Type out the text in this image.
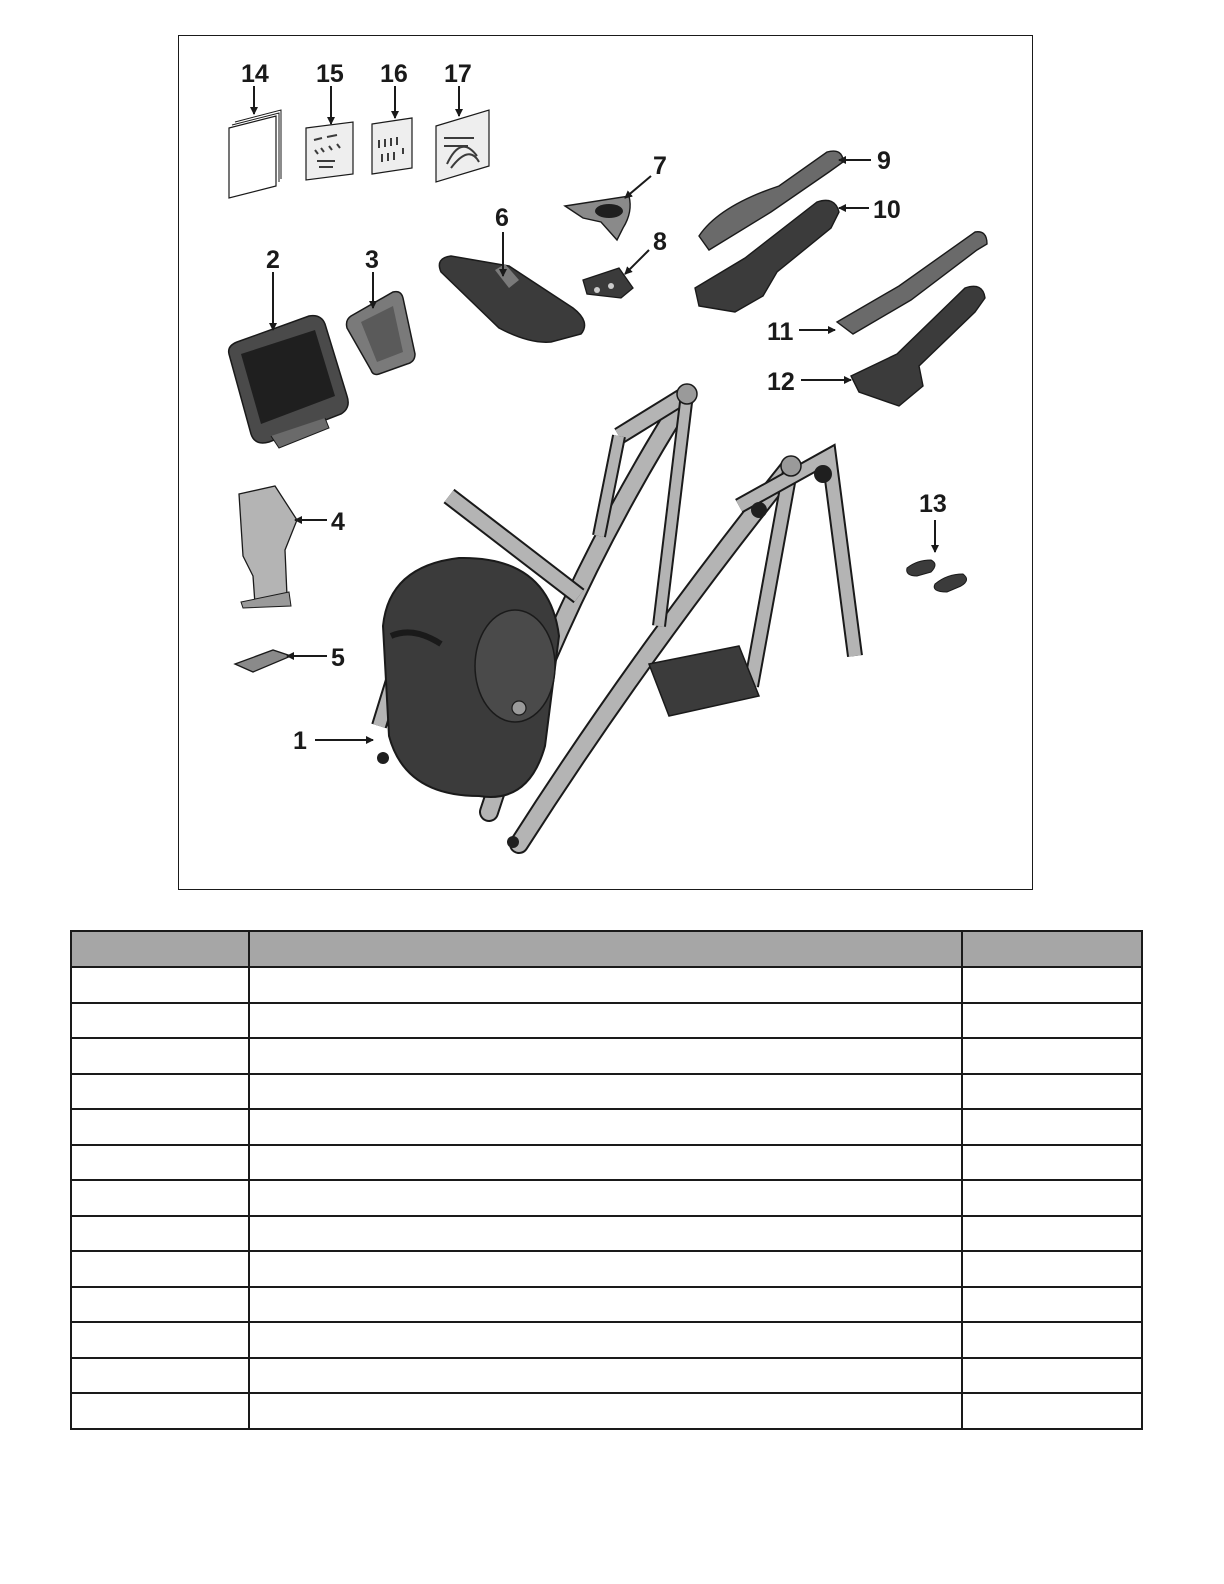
14 15 16 17
2	3
4
5
6
7
8
9
10
11
12
13
1
